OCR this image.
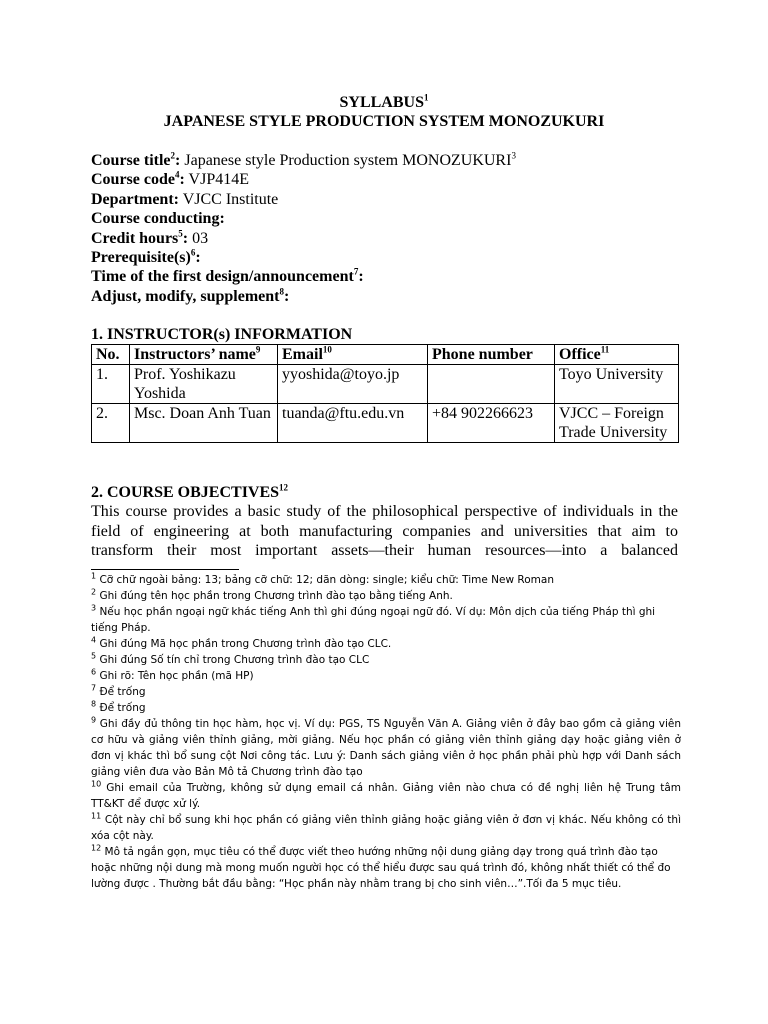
SYLLABUS$^1$
JAPANESE STYLE PRODUCTION SYSTEM MONOZUKURI
Course title$^2$: Japanese style Production system MONOZUKURI$^3$
Course code$^4$: VJP414E
Department: VJCC Institute
Course conducting:
Credit hours$^5$: 03
$Prerequisite(s)^6$:
Time of the first design/announcement$^7$:
Adjust, modify, supplement$^8$:
1. INSTRUCTOR(s) INFORMATION
No.	Instructors’ name$^9$	Email$^{10}$	Phone number	Office$^{11}$
1.	Prof. Yoshikazu Yoshida	yyoshida@toyo.jp		Toyo University
2.	Msc. Doan Anh Tuan	tuanda@ftu.edu.vn	+84 902266623	VJCC – Foreign Trade University
2. COURSE OBJECTIVES$^{12}$
This course provides a basic study of the philosophical perspective of individuals in the field of engineering at both manufacturing companies and universities that aim to transform their most important assets—their human resources—into a balanced

$^1$ Cỡ chữ ngoài bảng: 13; bảng cỡ chữ: 12; dãn dòng: single; kiểu chữ: Time New Roman

$^2$ Ghi đúng tên học phần trong Chương trình đào tạo bằng tiếng Anh.

$^3$ Nếu học phần ngoại ngữ khác tiếng Anh thì ghi đúng ngoại ngữ đó. Ví dụ: Môn dịch của tiếng Pháp thì ghi tiếng Pháp.

$^4$ Ghi đúng Mã học phần trong Chương trình đào tạo CLC.

$^5$ Ghi đúng Số tín chỉ trong Chương trình đào tạo CLC

$^6$ Ghi rõ: Tên học phần (mã HP)

$^7$ Để trống

$^8$ Để trống

$^9$ Ghi đầy đủ thông tin học hàm, học vị. Ví dụ: PGS, TS Nguyễn Văn A. Giảng viên ở đây bao gồm cả giảng viên cơ hữu và giảng viên thỉnh giảng, mời giảng. Nếu học phần có giảng viên thỉnh giảng dạy hoặc giảng viên ở đơn vị khác thì bổ sung cột Nơi công tác. Lưu ý: Danh sách giảng viên ở học phần phải phù hợp với Danh sách giảng viên đưa vào Bản Mô tả Chương trình đào tạo

$^{10}$ Ghi email của Trường, không sử dụng email cá nhân. Giảng viên nào chưa có đề nghị liên hệ Trung tâm TT&KT để được xử lý.

$^{11}$ Cột này chỉ bổ sung khi học phần có giảng viên thỉnh giảng hoặc giảng viên ở đơn vị khác. Nếu không có thì xóa cột này.

$^{12}$ Mô tả ngắn gọn, mục tiêu có thể được viết theo hướng những nội dung giảng dạy trong quá trình đào tạo hoặc những nội dung mà mong muốn người học có thể hiểu được sau quá trình đó, không nhất thiết có thể đo lường được . Thường bắt đầu bằng: “Học phần này nhằm trang bị cho sinh viên…”.Tối đa 5 mục tiêu.
